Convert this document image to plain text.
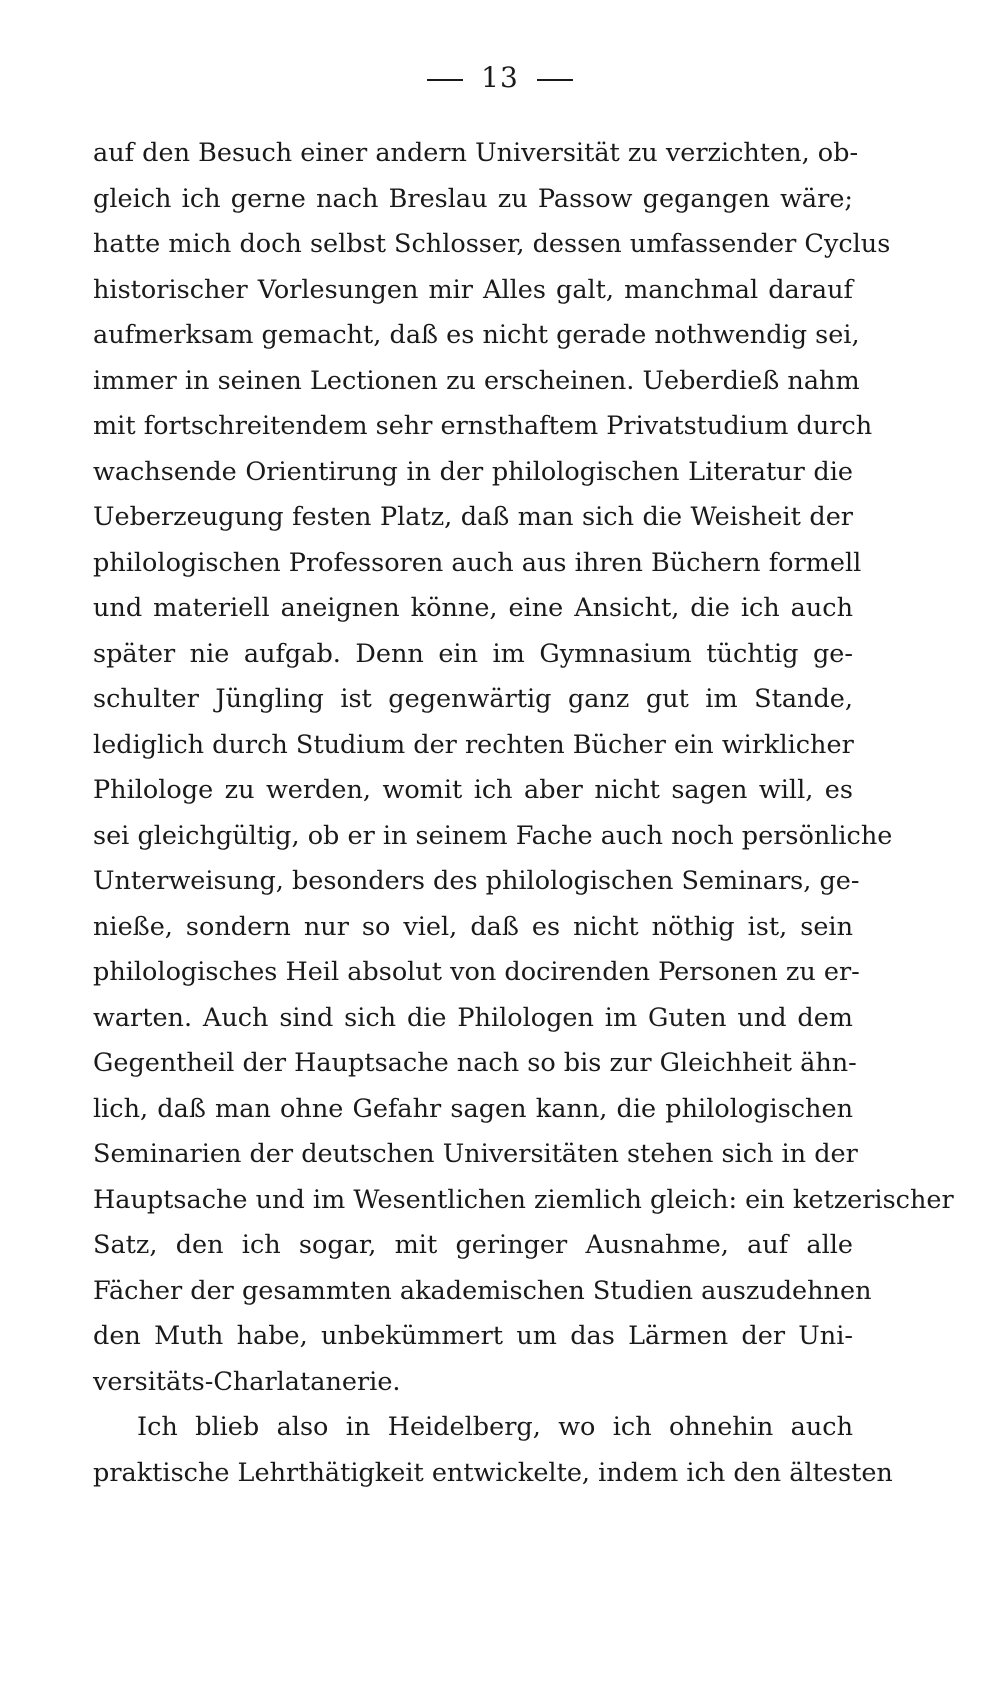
13
auf den Besuch einer andern Universität zu verzichten, ob-
gleich ich gerne nach Breslau zu Passow gegangen wäre;
hatte mich doch selbst Schlosser, dessen umfassender Cyclus
historischer Vorlesungen mir Alles galt, manchmal darauf
aufmerksam gemacht, daß es nicht gerade nothwendig sei,
immer in seinen Lectionen zu erscheinen. Ueberdieß nahm
mit fortschreitendem sehr ernsthaftem Privatstudium durch
wachsende Orientirung in der philologischen Literatur die
Ueberzeugung festen Platz, daß man sich die Weisheit der
philologischen Professoren auch aus ihren Büchern formell
und materiell aneignen könne, eine Ansicht, die ich auch
später nie aufgab. Denn ein im Gymnasium tüchtig ge-
schulter Jüngling ist gegenwärtig ganz gut im Stande,
lediglich durch Studium der rechten Bücher ein wirklicher
Philologe zu werden, womit ich aber nicht sagen will, es
sei gleichgültig, ob er in seinem Fache auch noch persönliche
Unterweisung, besonders des philologischen Seminars, ge-
nieße, sondern nur so viel, daß es nicht nöthig ist, sein
philologisches Heil absolut von docirenden Personen zu er-
warten. Auch sind sich die Philologen im Guten und dem
Gegentheil der Hauptsache nach so bis zur Gleichheit ähn-
lich, daß man ohne Gefahr sagen kann, die philologischen
Seminarien der deutschen Universitäten stehen sich in der
Hauptsache und im Wesentlichen ziemlich gleich: ein ketzerischer
Satz, den ich sogar, mit geringer Ausnahme, auf alle
Fächer der gesammten akademischen Studien auszudehnen
den Muth habe, unbekümmert um das Lärmen der Uni-
versitäts-Charlatanerie.
Ich blieb also in Heidelberg, wo ich ohnehin auch
praktische Lehrthätigkeit entwickelte, indem ich den ältesten
